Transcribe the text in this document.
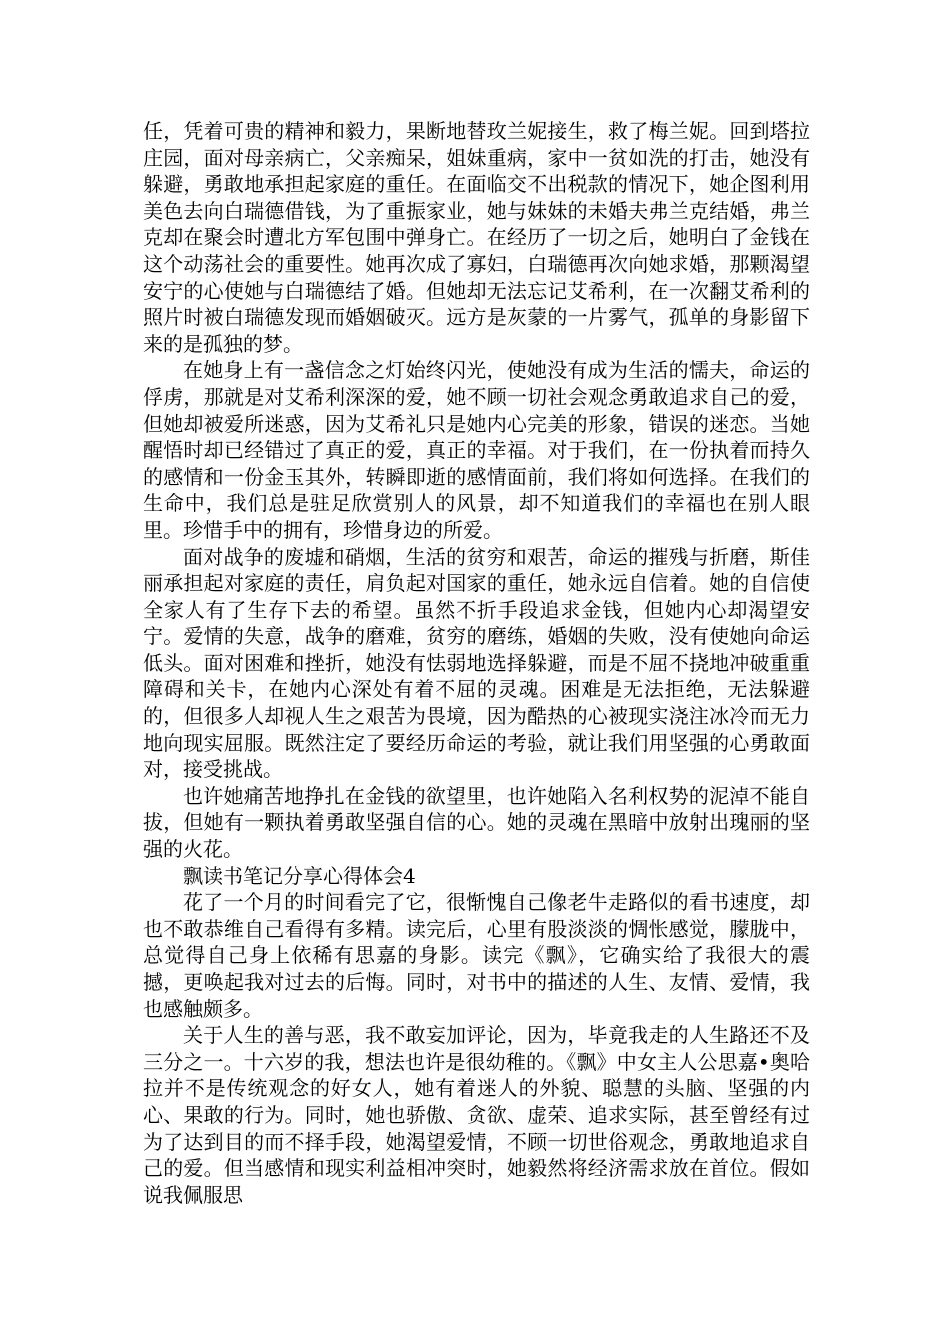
任，凭着可贵的精神和毅力，果断地替玫兰妮接生，救了梅兰妮。回到塔拉庄园，面对母亲病亡，父亲痴呆，姐妹重病，家中一贫如洗的打击，她没有躲避，勇敢地承担起家庭的重任。在面临交不出税款的情况下，她企图利用美色去向白瑞德借钱，为了重振家业，她与妹妹的未婚夫弗兰克结婚，弗兰克却在聚会时遭北方军包围中弹身亡。在经历了一切之后，她明白了金钱在这个动荡社会的重要性。她再次成了寡妇，白瑞德再次向她求婚，那颗渴望安宁的心使她与白瑞德结了婚。但她却无法忘记艾希利，在一次翻艾希利的照片时被白瑞德发现而婚姻破灭。远方是灰蒙的一片雾气，孤单的身影留下来的是孤独的梦。

在她身上有一盏信念之灯始终闪光，使她没有成为生活的懦夫，命运的俘虏，那就是对艾希利深深的爱，她不顾一切社会观念勇敢追求自己的爱，但她却被爱所迷惑，因为艾希礼只是她内心完美的形象，错误的迷恋。当她醒悟时却已经错过了真正的爱，真正的幸福。对于我们，在一份执着而持久的感情和一份金玉其外，转瞬即逝的感情面前，我们将如何选择。在我们的生命中，我们总是驻足欣赏别人的风景，却不知道我们的幸福也在别人眼里。珍惜手中的拥有，珍惜身边的所爱。

面对战争的废墟和硝烟，生活的贫穷和艰苦，命运的摧残与折磨，斯佳丽承担起对家庭的责任，肩负起对国家的重任，她永远自信着。她的自信使全家人有了生存下去的希望。虽然不折手段追求金钱，但她内心却渴望安宁。爱情的失意，战争的磨难，贫穷的磨练，婚姻的失败，没有使她向命运低头。面对困难和挫折，她没有怯弱地选择躲避，而是不屈不挠地冲破重重障碍和关卡，在她内心深处有着不屈的灵魂。困难是无法拒绝，无法躲避的，但很多人却视人生之艰苦为畏境，因为酷热的心被现实浇注冰冷而无力地向现实屈服。既然注定了要经历命运的考验，就让我们用坚强的心勇敢面对，接受挑战。

也许她痛苦地挣扎在金钱的欲望里，也许她陷入名利权势的泥淖不能自拔，但她有一颗执着勇敢坚强自信的心。她的灵魂在黑暗中放射出瑰丽的坚强的火花。

飘读书笔记分享心得体会4

花了一个月的时间看完了它，很惭愧自己像老牛走路似的看书速度，却也不敢恭维自己看得有多精。读完后，心里有股淡淡的惆怅感觉，朦胧中，总觉得自己身上依稀有思嘉的身影。读完《飘》，它确实给了我很大的震撼，更唤起我对过去的后悔。同时，对书中的描述的人生、友情、爱情，我也感触颇多。

关于人生的善与恶，我不敢妄加评论，因为，毕竟我走的人生路还不及三分之一。十六岁的我，想法也许是很幼稚的。《飘》中女主人公思嘉•奥哈拉并不是传统观念的好女人，她有着迷人的外貌、聪慧的头脑、坚强的内心、果敢的行为。同时，她也骄傲、贪欲、虚荣、追求实际，甚至曾经有过为了达到目的而不择手段，她渴望爱情，不顾一切世俗观念，勇敢地追求自己的爱。但当感情和现实利益相冲突时，她毅然将经济需求放在首位。假如说我佩服思
